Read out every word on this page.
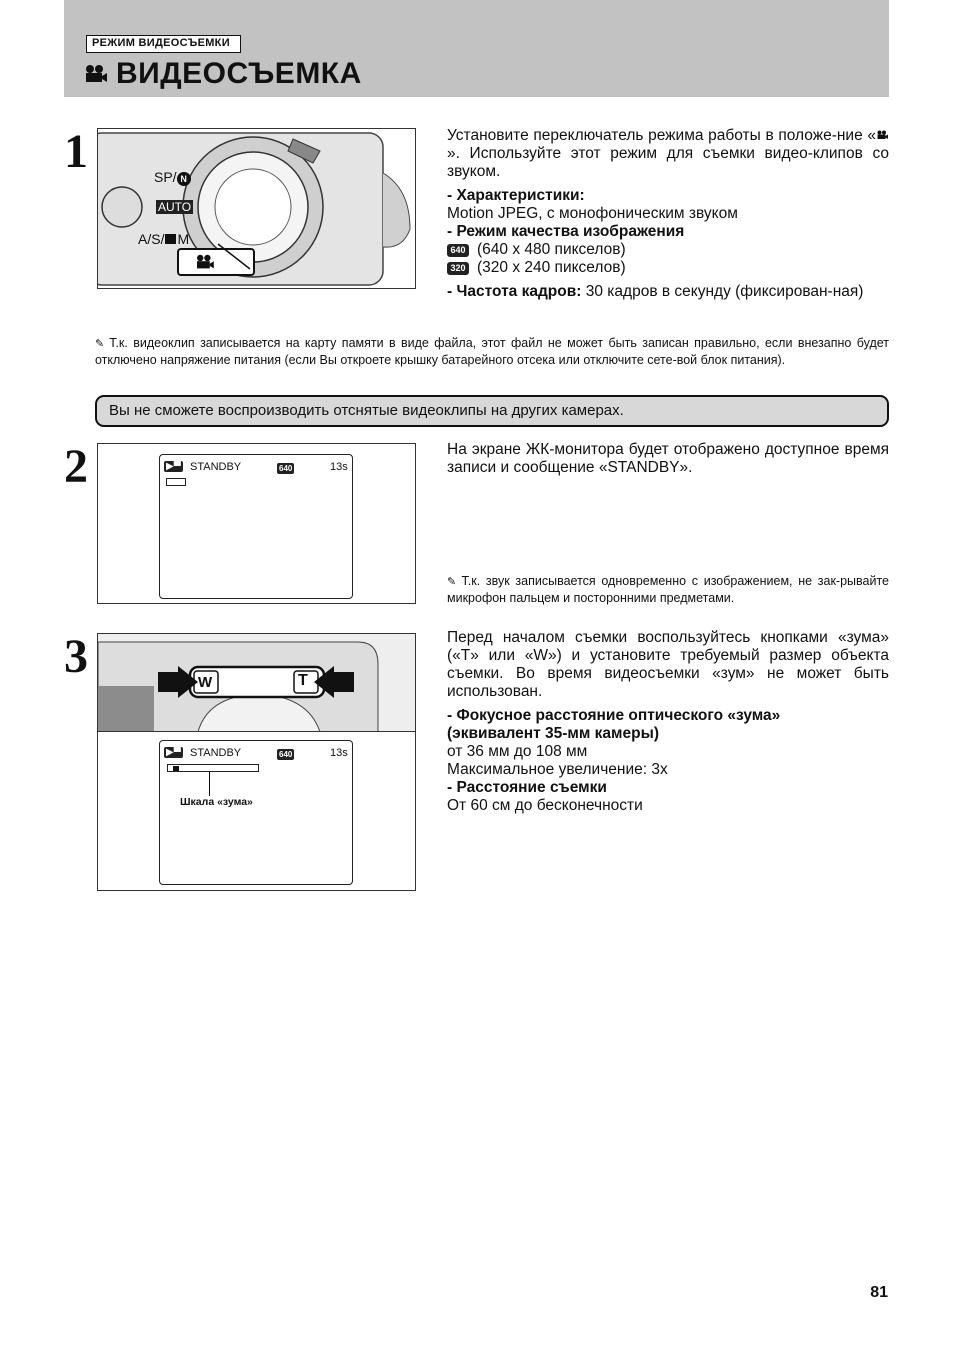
РЕЖИМ ВИДЕОСЪЕМКИ
ВИДЕОСЪЕМКА
1	SP/ N
AUTO
A/S/ M

Установите переключатель режима работы в положе-ние «». Используйте этот режим для съемки видео-клипов со звуком.

- Характеристики:
Motion JPEG, с монофоническим звуком
- Режим качества изображения
640 (640 x 480 пикселов)
320 (320 x 240 пикселов)
- Частота кадров: 30 кадров в секунду (фиксирован-ная)
✎ Т.к. видеоклип записывается на карту памяти в виде файла, этот файл не может быть записан правильно, если внезапно будет отключено напряжение питания (если Вы откроете крышку батарейного отсека или отключите сете-вой блок питания).
Вы не сможете воспроизводить отснятые видеоклипы на других камерах.
2	▶▀ STANDBY	640	13s
На экране ЖК-монитора будет отображено доступное время записи и сообщение «STANDBY».
✎ Т.к. звук записывается одновременно с изображением, не зак-рывайте микрофон пальцем и посторонними предметами.
3	W	T
▶▀ STANDBY	640	13s
Шкала «зума»

Перед началом съемки воспользуйтесь кнопками «зума» («T» или «W») и установите требуемый размер объекта съемки. Во время видеосъемки «зум» не может быть использован.

- Фокусное расстояние оптического «зума»
(эквивалент 35-мм камеры)
от 36 мм до 108 мм
Максимальное увеличение: 3х
- Расстояние съемки
От 60 см до бесконечности
81
